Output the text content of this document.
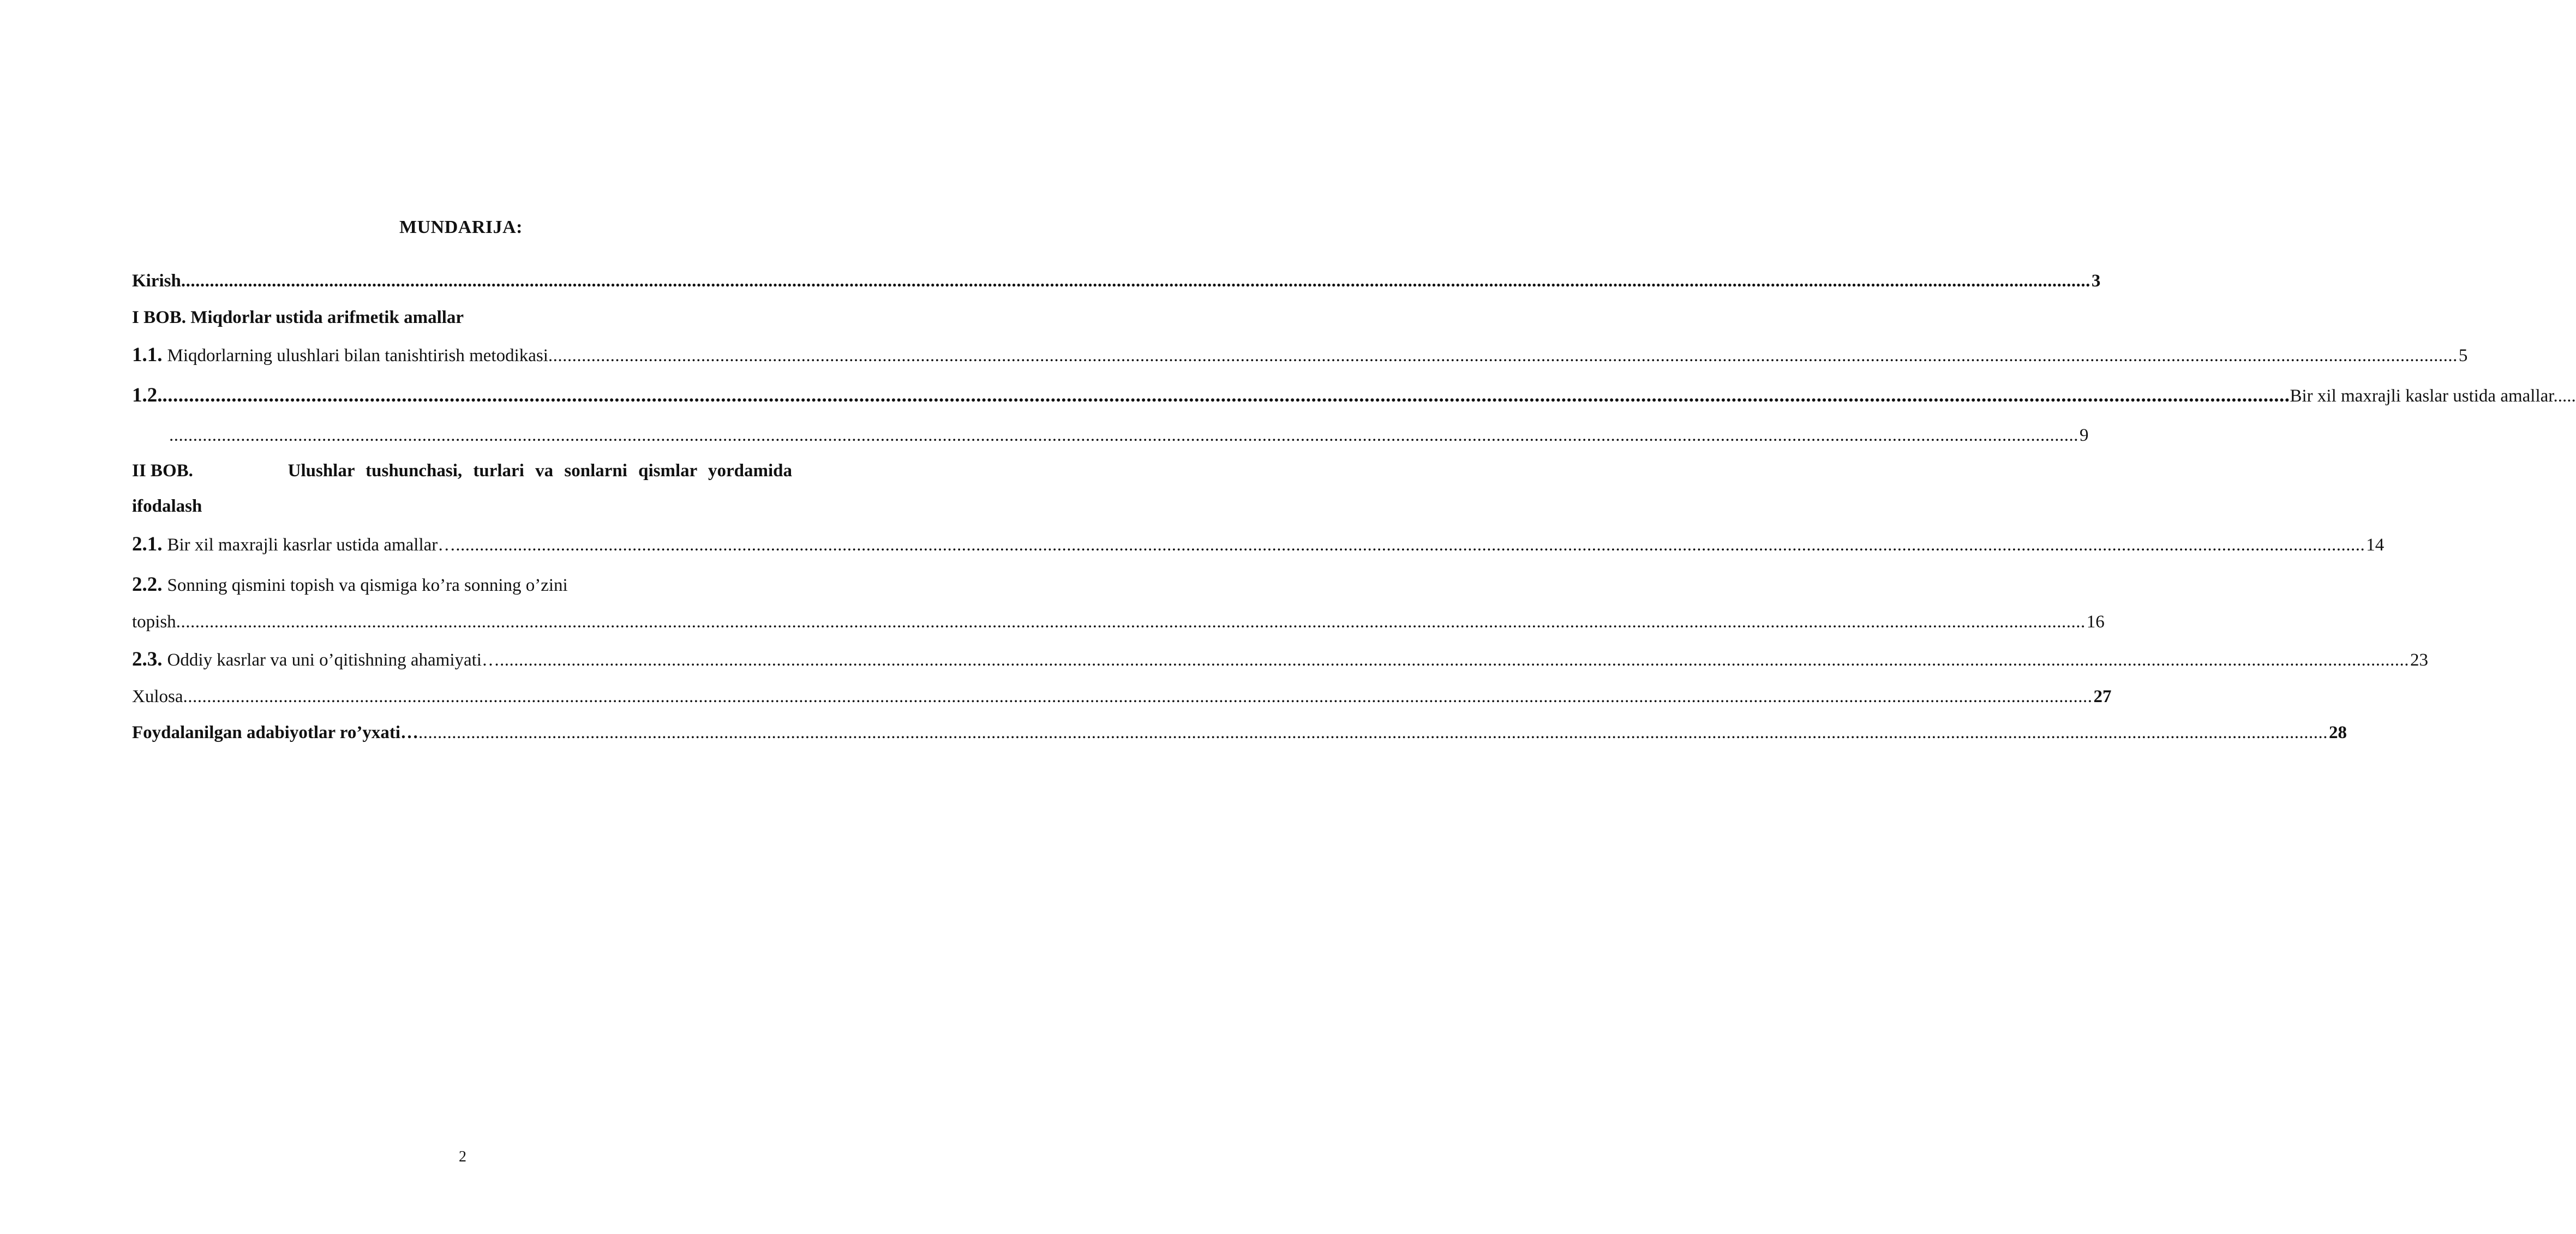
MUNDARIJA:
Kirish ................................................................................................................................................................................................................................................................................................................................................................................................................ 3
I BOB. Miqdorlar ustida arifmetik amallar
1.1. Miqdorlarning ulushlari bilan tanishtirish metodikasi ................................................................................................................................................................................................................................................................................................................................................................................................................ 5
1.2. ................................................................................................................................................................................................................................................................................................................................................................................................................ Bir xil maxrajli kaslar ustida amallar.....
................................................................................................................................................................................................................................................................................................................................................................................................................ 9
II BOB.	Ulushlar tushunchasi, turlari va sonlarni qismlar yordamida
ifodalash
2.1. Bir xil maxrajli kasrlar ustida amallar… ................................................................................................................................................................................................................................................................................................................................................................................................................ 14
2.2. Sonning qismini topish va qismiga ko’ra sonning o’zini
topish ................................................................................................................................................................................................................................................................................................................................................................................................................ 16
2.3. Oddiy kasrlar va uni o’qitishning ahamiyati… ................................................................................................................................................................................................................................................................................................................................................................................................................ 23
Xulosa ................................................................................................................................................................................................................................................................................................................................................................................................................ 27
Foydalanilgan adabiyotlar ro’yxati… ................................................................................................................................................................................................................................................................................................................................................................................................................ 28
2
